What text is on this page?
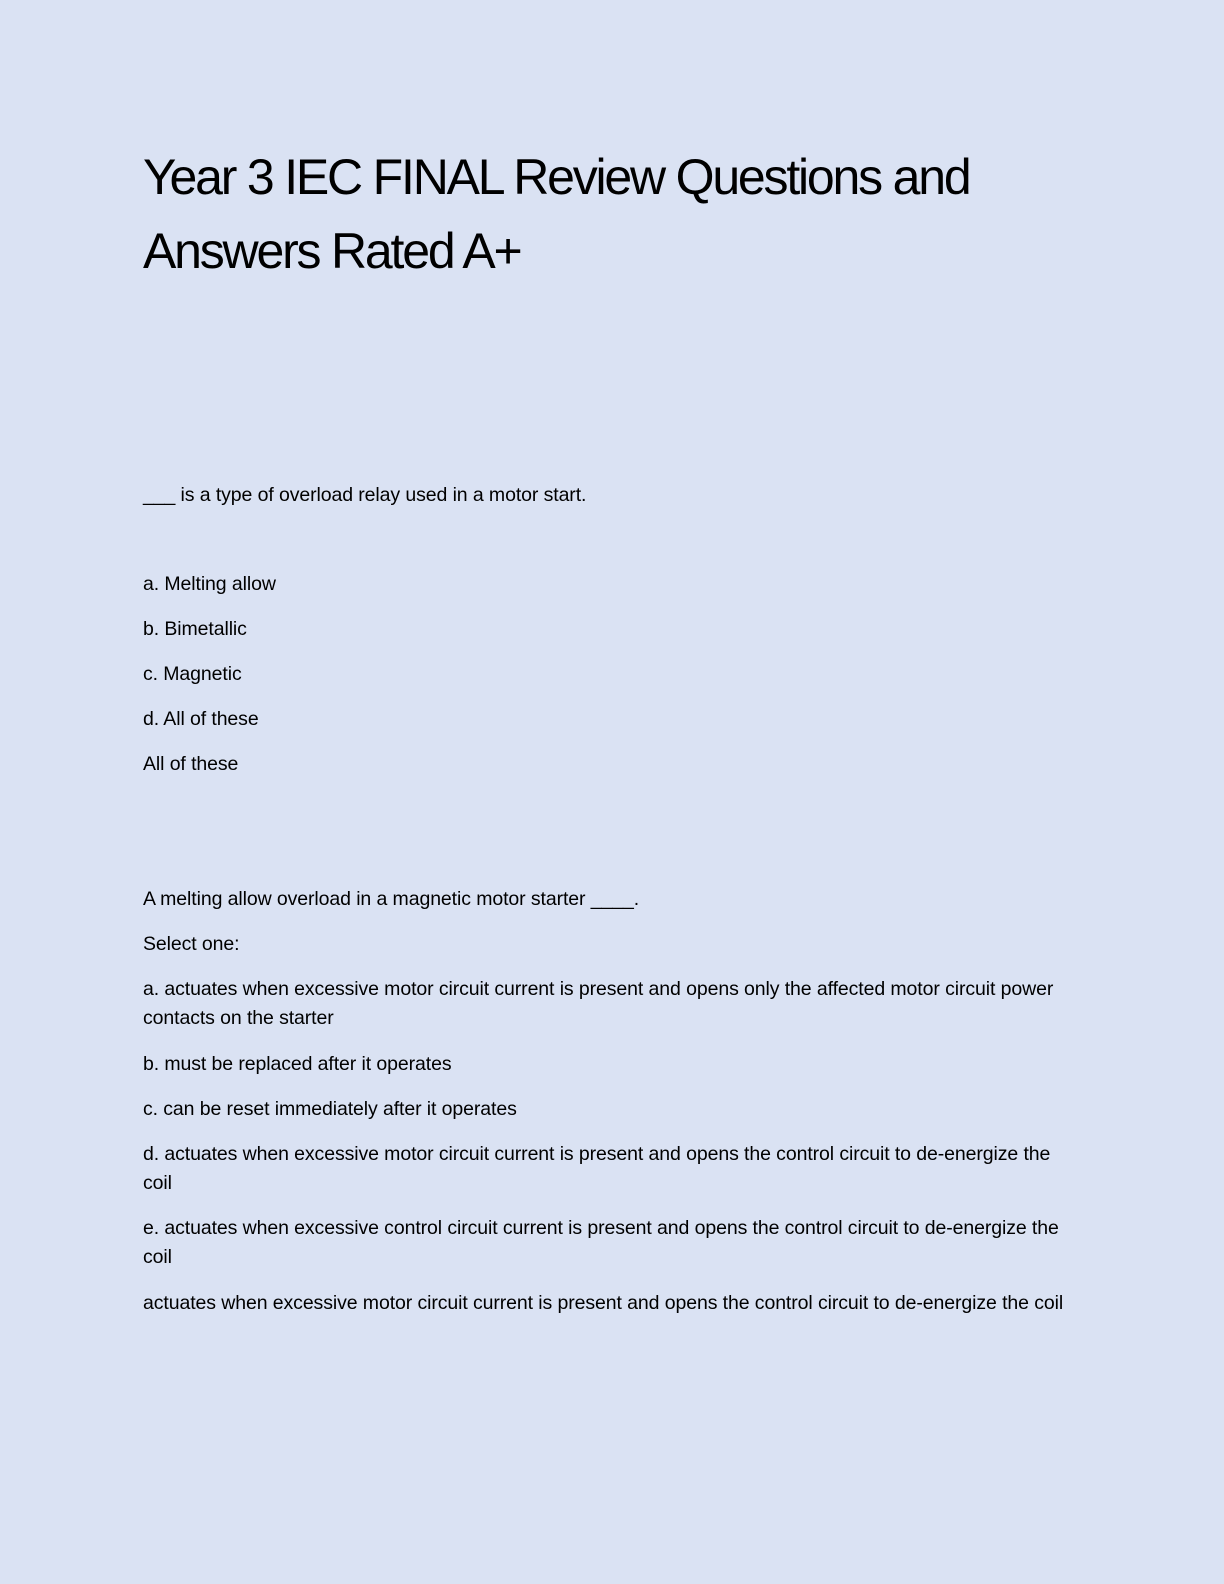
Year 3 IEC FINAL Review Questions and Answers Rated A+

___ is a type of overload relay used in a motor start.

a. Melting allow

b. Bimetallic

c. Magnetic

d. All of these

All of these

A melting allow overload in a magnetic motor starter ____.

Select one:

a. actuates when excessive motor circuit current is present and opens only the affected motor circuit power contacts on the starter

b. must be replaced after it operates

c. can be reset immediately after it operates

d. actuates when excessive motor circuit current is present and opens the control circuit to de-energize the coil

e. actuates when excessive control circuit current is present and opens the control circuit to de-energize the coil

actuates when excessive motor circuit current is present and opens the control circuit to de-energize the coil
